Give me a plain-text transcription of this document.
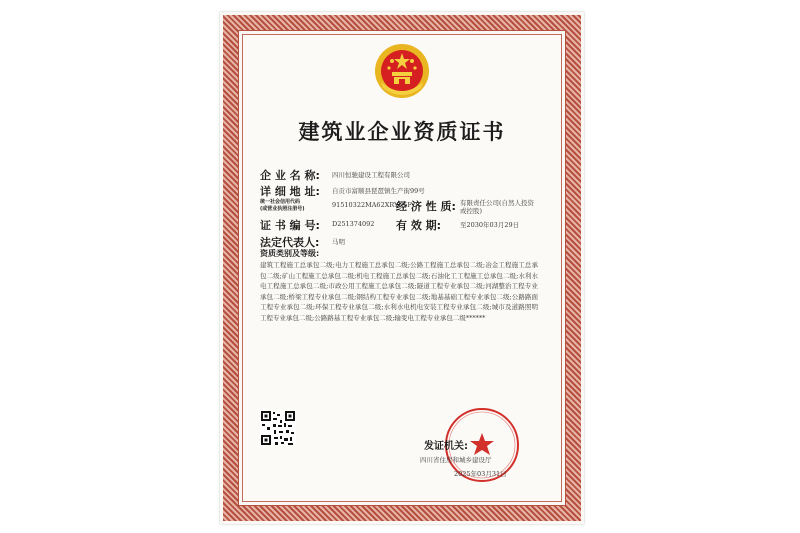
建筑业企业资质证书
企 业 名 称: 四川恒驰建设工程有限公司
详 细 地 址: 自贡市富顺县琵琶镇生产街99号
统一社会信用代码
(或营业执照注册号)	91510322MA62XRYR5F
经 济 性 质: 有限责任公司(自然人投资或控股)
证 书 编 号: D251374092 有 效 期:	至2030年03月29日
法定代表人: 马明
资质类别及等级:
建筑工程施工总承包二级;电力工程施工总承包二级;公路工程施工总承包二级;冶金工程施工总承包二级;矿山工程施工总承包二级;机电工程施工总承包二级;石油化工工程施工总承包二级;水利水电工程施工总承包二级;市政公用工程施工总承包二级;隧道工程专业承包二级;河湖整治工程专业承包二级;桥梁工程专业承包二级;钢结构工程专业承包二级;地基基础工程专业承包二级;公路路面工程专业承包二级;环保工程专业承包二级;水利水电机电安装工程专业承包二级;城市及道路照明工程专业承包二级;公路路基工程专业承包二级;输变电工程专业承包二级******
发证机关:
四川省住房和城乡建设厅
2025年03月31日
